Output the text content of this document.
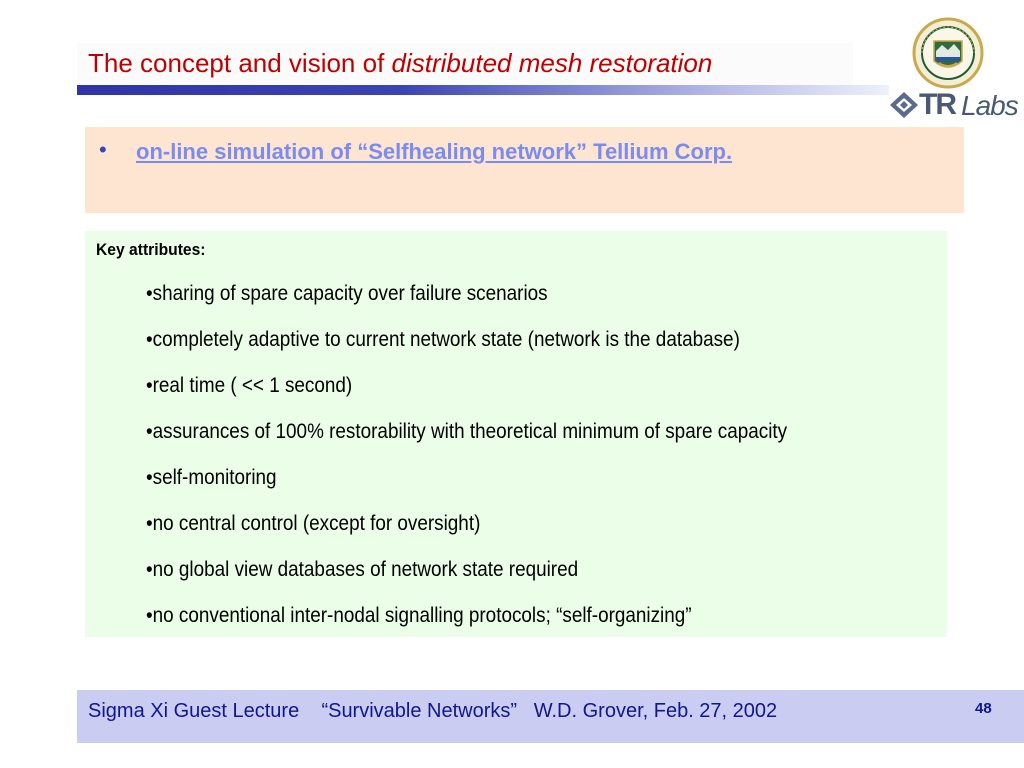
The concept and vision of distributed mesh restoration
TR Labs
• on-line simulation of “Selfhealing network” Tellium Corp.
Key attributes:
•sharing of spare capacity over failure scenarios
•completely adaptive to current network state (network is the database)
•real time ( << 1 second)
•assurances of 100% restorability with theoretical minimum of spare capacity
•self-monitoring
•no central control (except for oversight)
•no global view databases of network state required
•no conventional inter-nodal signalling protocols; “self-organizing”
Sigma Xi Guest Lecture    “Survivable Networks”   W.D. Grover, Feb. 27, 2002	48
